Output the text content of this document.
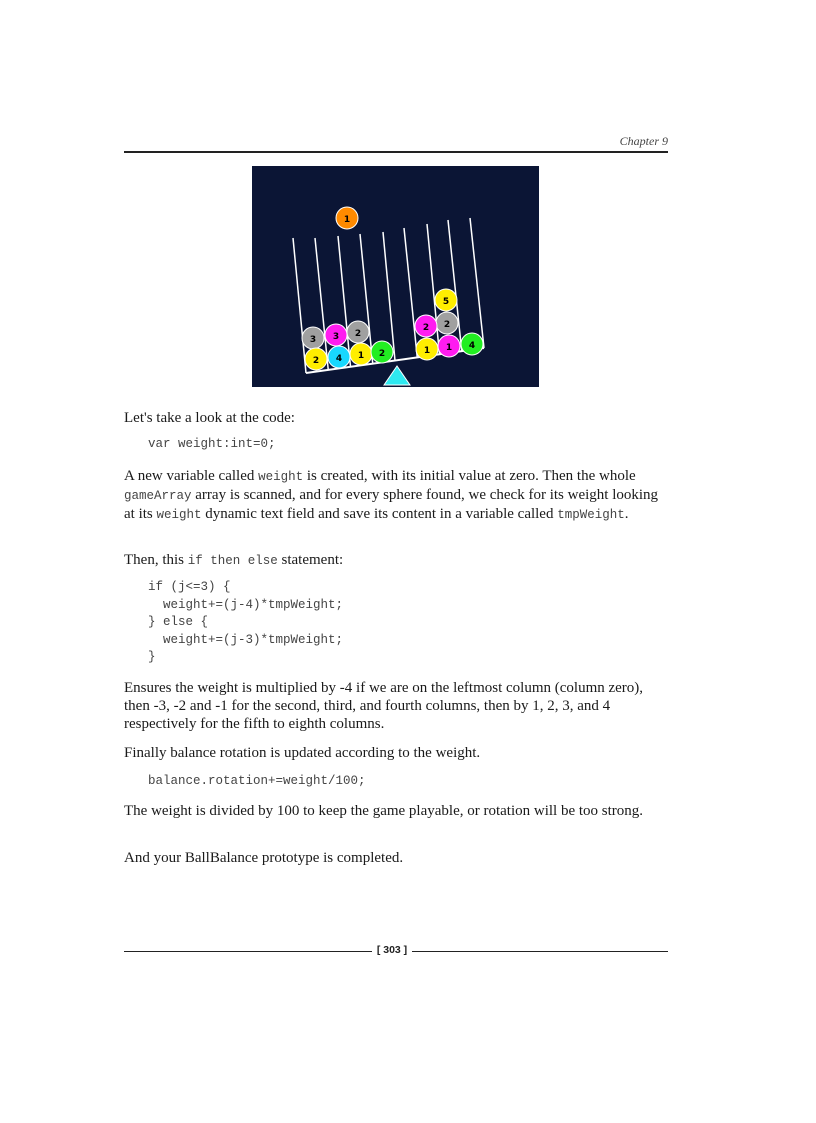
Chapter 9
3
2
3
4
2
1 2
5
2
2
1 1 4
1

Let's take a look at the code:

var weight:int=0;

A new variable called weight is created, with its initial value at zero. Then the whole gameArray array is scanned, and for every sphere found, we check for its weight looking at its weight dynamic text field and save its content in a variable called tmpWeight.

Then, this if then else statement:

if (j<=3) {
weight+=(j-4)*tmpWeight;
} else {
weight+=(j-3)*tmpWeight;
}

Ensures the weight is multiplied by -4 if we are on the leftmost column (column zero), then -3, -2 and -1 for the second, third, and fourth columns, then by 1, 2, 3, and 4 respectively for the fifth to eighth columns.

Finally balance rotation is updated according to the weight.

balance.rotation+=weight/100;

The weight is divided by 100 to keep the game playable, or rotation will be too strong.

And your BallBalance prototype is completed.

[ 303 ]
